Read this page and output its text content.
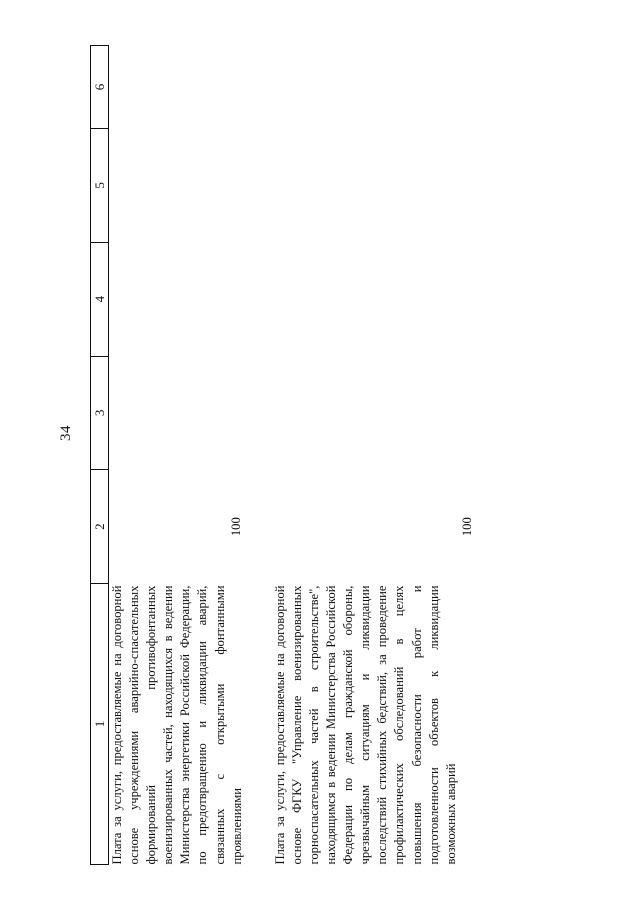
34
1	2	3	4	5	6

Плата за услуги, предоставляемые на договорной основе учреждениями аварийно-спасательных формирований противофонтанных военизированных частей, находящихся в ведении Министерства энергетики Российской Федерации, по предотвращению и ликвидации аварий, связанных с открытыми фонтанными проявлениями	100				

Плата за услуги, предоставляемые на договорной основе ФГКУ "Управление военизированных горноспасательных частей в строительстве", находящимся в ведении Министерства Российской Федерации по делам гражданской обороны, чрезвычайным ситуациям и ликвидации последствий стихийных бедствий, за проведение профилактических обследований в целях повышения безопасности работ и подготовленности объектов к ликвидации возможных аварий	100				
